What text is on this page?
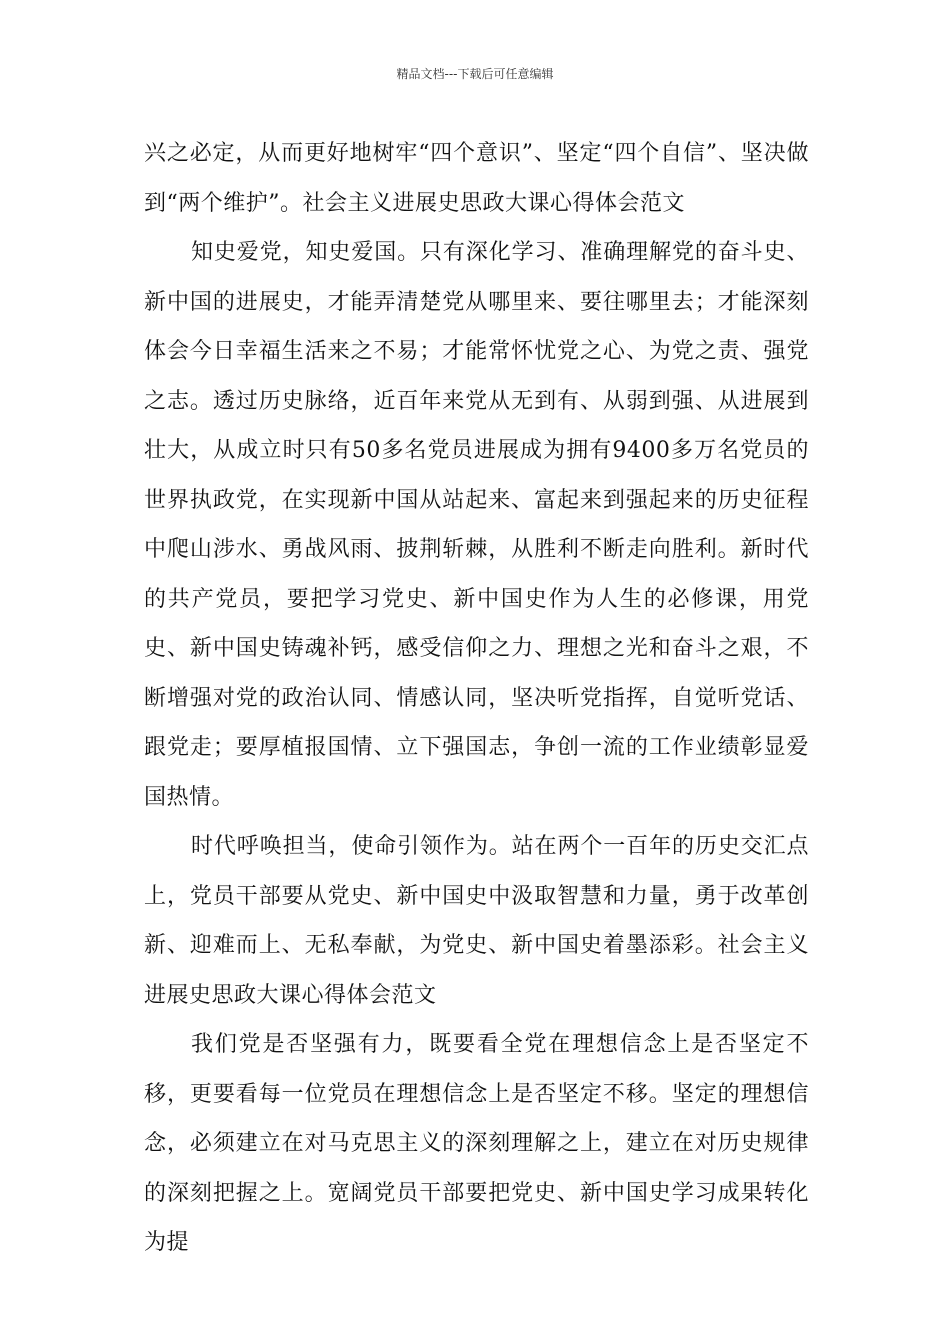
精品文档---下载后可任意编辑

兴之必定，从而更好地树牢“四个意识”、坚定“四个自信”、坚决做到“两个维护”。社会主义进展史思政大课心得体会范文

知史爱党，知史爱国。只有深化学习、准确理解党的奋斗史、新中国的进展史，才能弄清楚党从哪里来、要往哪里去；才能深刻体会今日幸福生活来之不易；才能常怀忧党之心、为党之责、强党之志。透过历史脉络，近百年来党从无到有、从弱到强、从进展到壮大，从成立时只有50多名党员进展成为拥有9400多万名党员的世界执政党，在实现新中国从站起来、富起来到强起来的历史征程中爬山涉水、勇战风雨、披荆斩棘，从胜利不断走向胜利。新时代的共产党员，要把学习党史、新中国史作为人生的必修课，用党史、新中国史铸魂补钙，感受信仰之力、理想之光和奋斗之艰，不断增强对党的政治认同、情感认同，坚决听党指挥，自觉听党话、跟党走；要厚植报国情、立下强国志，争创一流的工作业绩彰显爱国热情。

时代呼唤担当，使命引领作为。站在两个一百年的历史交汇点上，党员干部要从党史、新中国史中汲取智慧和力量，勇于改革创新、迎难而上、无私奉献，为党史、新中国史着墨添彩。社会主义进展史思政大课心得体会范文

我们党是否坚强有力，既要看全党在理想信念上是否坚定不移，更要看每一位党员在理想信念上是否坚定不移。坚定的理想信念，必须建立在对马克思主义的深刻理解之上，建立在对历史规律的深刻把握之上。宽阔党员干部要把党史、新中国史学习成果转化为提
